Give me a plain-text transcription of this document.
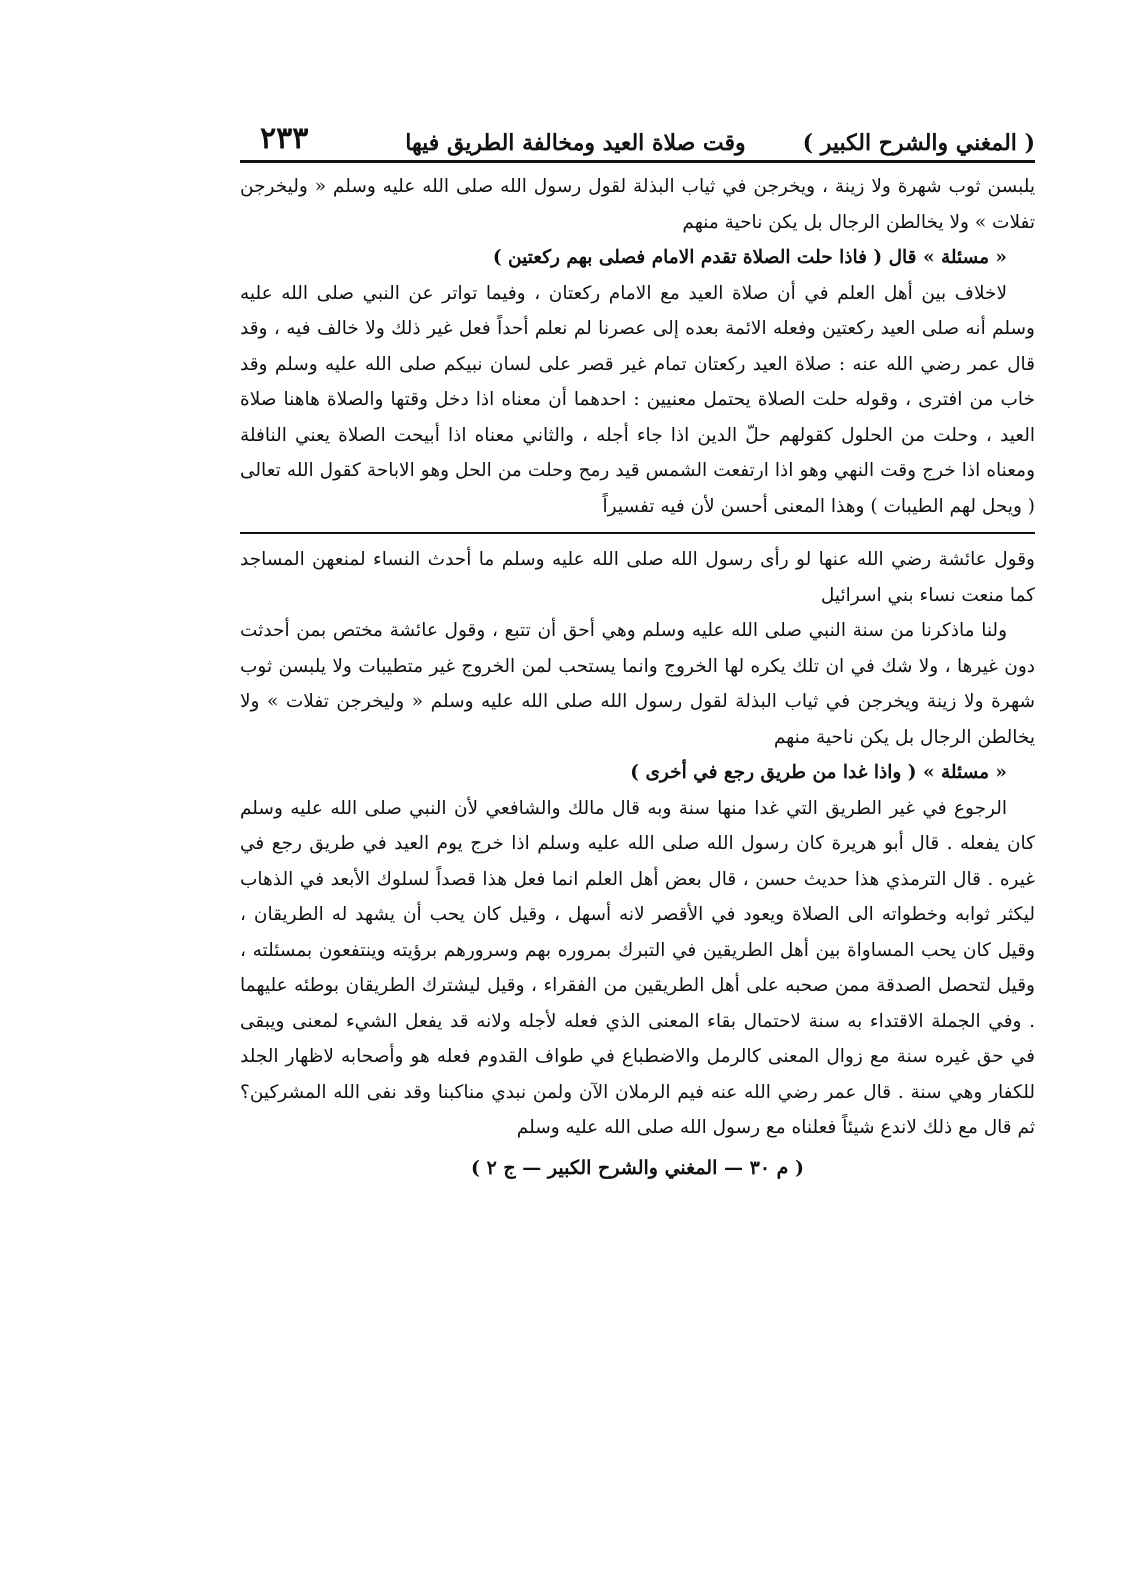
( المغني والشرح الكبير )
وقت صلاة العيد ومخالفة الطريق فيها
٢٣٣

يلبسن ثوب شهرة ولا زينة ، ويخرجن في ثياب البذلة لقول رسول الله صلى الله عليه وسلم « وليخرجن تفلات » ولا يخالطن الرجال بل يكن ناحية منهم

« مسئلة » قال ( فاذا حلت الصلاة تقدم الامام فصلى بهم ركعتين )

لاخلاف بين أهل العلم في أن صلاة العيد مع الامام ركعتان ، وفيما تواتر عن النبي صلى الله عليه وسلم أنه صلى العيد ركعتين وفعله الائمة بعده إلى عصرنا لم نعلم أحداً فعل غير ذلك ولا خالف فيه ، وقد قال عمر رضي الله عنه : صلاة العيد ركعتان تمام غير قصر على لسان نبيكم صلى الله عليه وسلم وقد خاب من افترى ، وقوله حلت الصلاة يحتمل معنيين : احدهما أن معناه اذا دخل وقتها والصلاة هاهنا صلاة العيد ، وحلت من الحلول كقولهم حلّ الدين اذا جاء أجله ، والثاني معناه اذا أبيحت الصلاة يعني النافلة ومعناه اذا خرج وقت النهي وهو اذا ارتفعت الشمس قيد رمح وحلت من الحل وهو الاباحة كقول الله تعالى ( ويحل لهم الطيبات ) وهذا المعنى أحسن لأن فيه تفسيراً

وقول عائشة رضي الله عنها لو رأى رسول الله صلى الله عليه وسلم ما أحدث النساء لمنعهن المساجد كما منعت نساء بني اسرائيل

ولنا ماذكرنا من سنة النبي صلى الله عليه وسلم وهي أحق أن تتبع ، وقول عائشة مختص بمن أحدثت دون غيرها ، ولا شك في ان تلك يكره لها الخروج وانما يستحب لمن الخروج غير متطيبات ولا يلبسن ثوب شهرة ولا زينة ويخرجن في ثياب البذلة لقول رسول الله صلى الله عليه وسلم « وليخرجن تفلات » ولا يخالطن الرجال بل يكن ناحية منهم

« مسئلة » ( واذا غدا من طريق رجع في أخرى )

الرجوع في غير الطريق التي غدا منها سنة وبه قال مالك والشافعي لأن النبي صلى الله عليه وسلم كان يفعله . قال أبو هريرة كان رسول الله صلى الله عليه وسلم اذا خرج يوم العيد في طريق رجع في غيره . قال الترمذي هذا حديث حسن ، قال بعض أهل العلم انما فعل هذا قصداً لسلوك الأبعد في الذهاب ليكثر ثوابه وخطواته الى الصلاة ويعود في الأقصر لانه أسهل ، وقيل كان يحب أن يشهد له الطريقان ، وقيل كان يحب المساواة بين أهل الطريقين في التبرك بمروره بهم وسرورهم برؤيته وينتفعون بمسئلته ، وقيل لتحصل الصدقة ممن صحبه على أهل الطريقين من الفقراء ، وقيل ليشترك الطريقان بوطئه عليهما . وفي الجملة الاقتداء به سنة لاحتمال بقاء المعنى الذي فعله لأجله ولانه قد يفعل الشيء لمعنى ويبقى في حق غيره سنة مع زوال المعنى كالرمل والاضطباع في طواف القدوم فعله هو وأصحابه لاظهار الجلد للكفار وهي سنة . قال عمر رضي الله عنه فيم الرملان الآن ولمن نبدي مناكبنا وقد نفى الله المشركين؟ ثم قال مع ذلك لاندع شيئاً فعلناه مع رسول الله صلى الله عليه وسلم

( م ٣٠ — المغني والشرح الكبير — ج ٢ )
